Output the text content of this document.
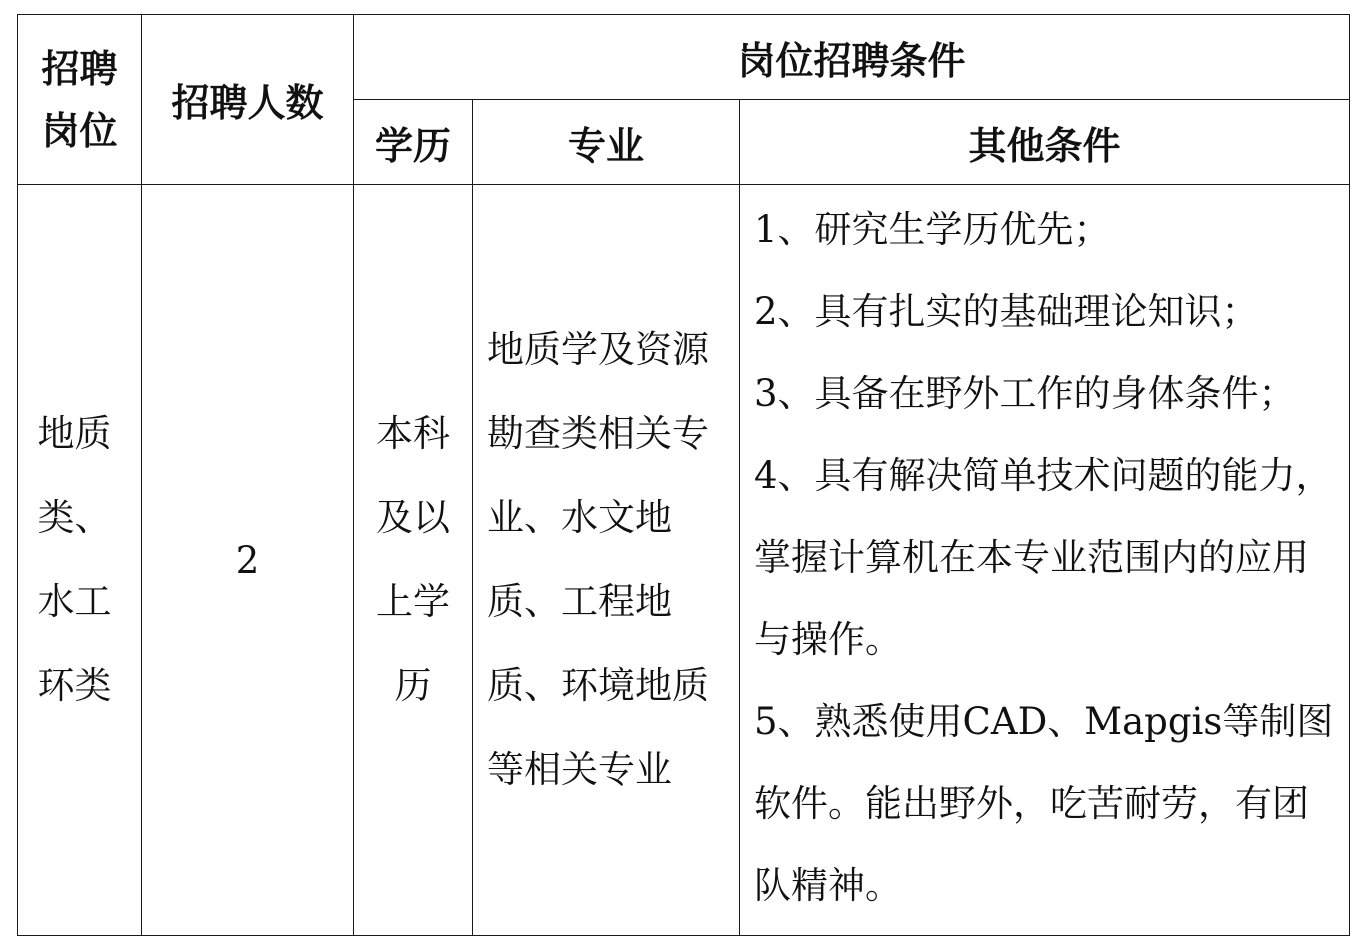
招聘岗位	招聘人数	岗位招聘条件		
		学历	专业	其他条件

地质类、水工环类	2	本科及以上学历	地质学及资源勘查类相关专业、水文地质、工程地质、环境地质等相关专业	1、研究生学历优先；
2、具有扎实的基础理论知识；
3、具备在野外工作的身体条件；
4、具有解决简单技术问题的能力，掌握计算机在本专业范围内的应用与操作。
5、熟悉使用CAD、Mapgis等制图软件。能出野外，吃苦耐劳，有团队精神。
